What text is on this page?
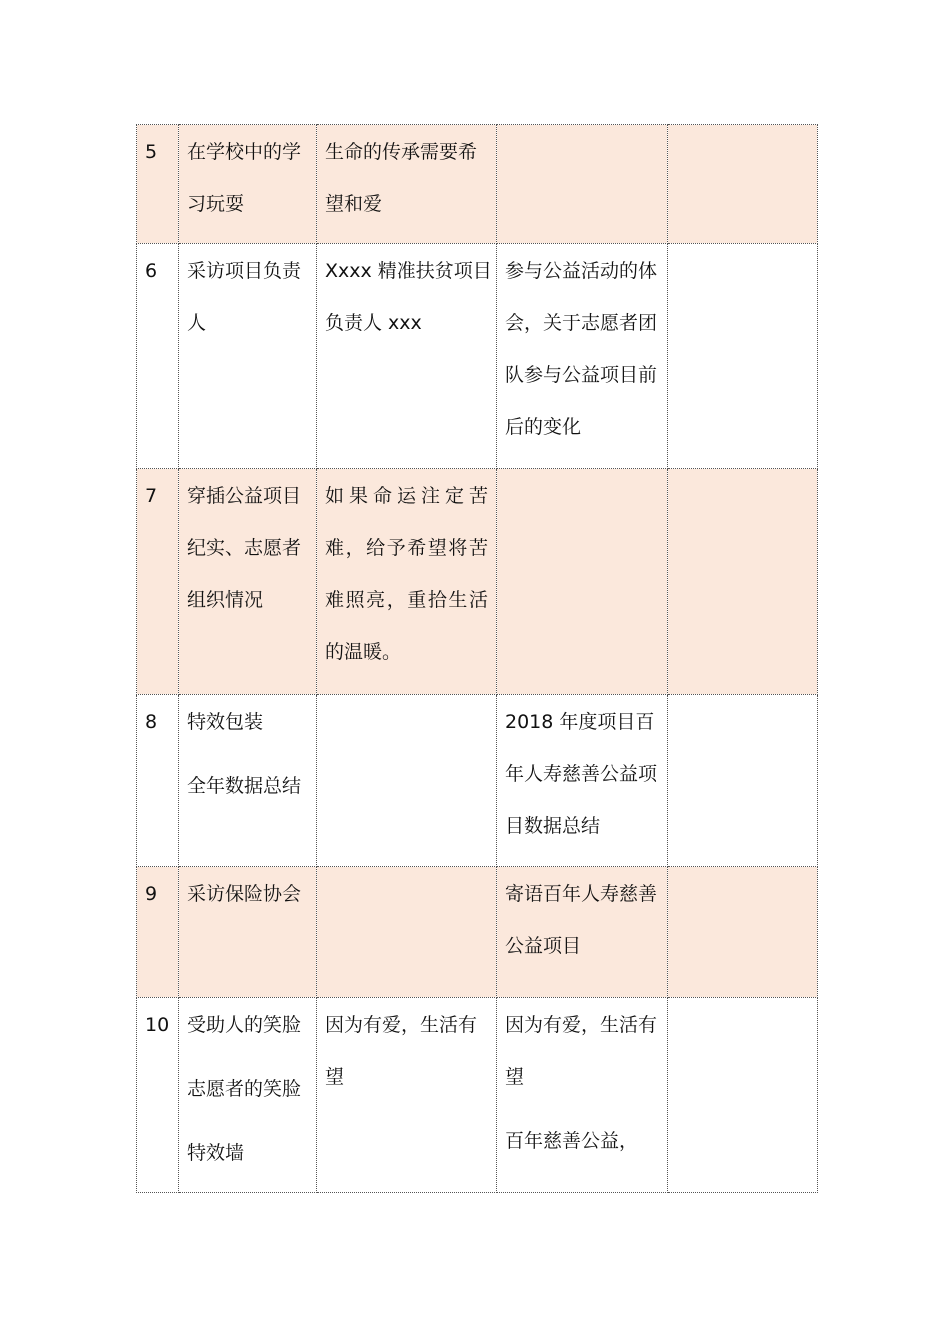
5	在学校中的学
习玩耍	生命的传承需要希
望和爱		

6	采访项目负责
人	Xxxx 精准扶贫项目
负责人 xxx	参与公益活动的体
会，关于志愿者团
队参与公益项目前
后的变化	

7	穿插公益项目
纪实、志愿者
组织情况	如果命运注定苦
难，给予希望将苦
难照亮，重拾生活
的温暖。		

8	特效包装
全年数据总结		2018 年度项目百
年人寿慈善公益项
目数据总结	

9	采访保险协会		寄语百年人寿慈善
公益项目	

10	受助人的笑脸
志愿者的笑脸
特效墙	因为有爱，生活有
望	因为有爱，生活有
望
百年慈善公益，	
